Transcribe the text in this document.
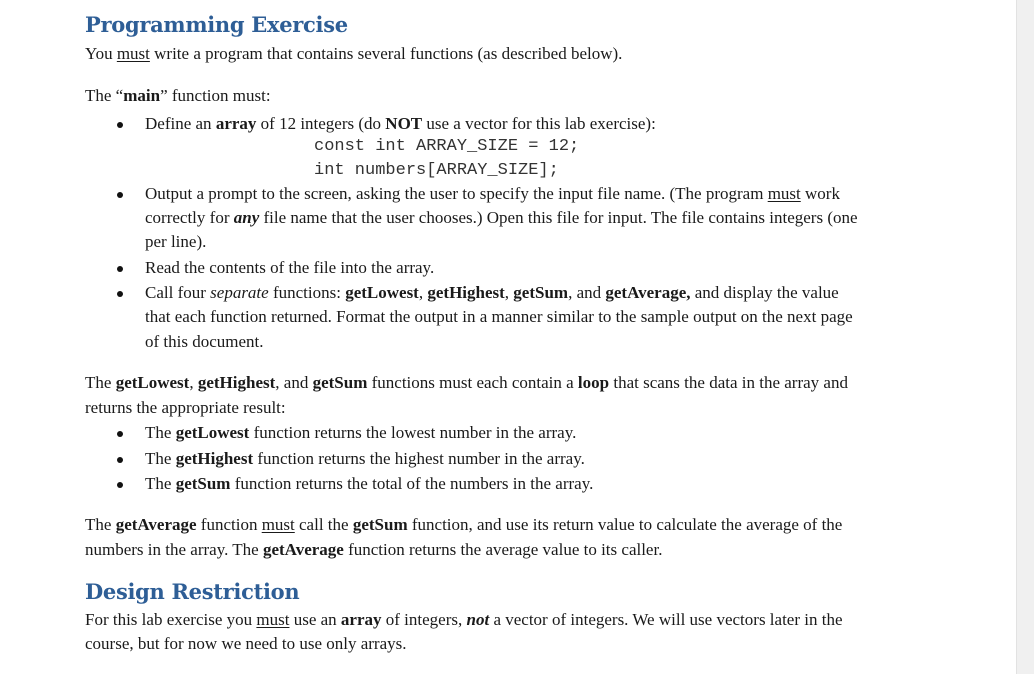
Programming Exercise
You must write a program that contains several functions (as described below).
The “main” function must:
Define an array of 12 integers (do NOT use a vector for this lab exercise):
const int ARRAY_SIZE = 12;
int numbers[ARRAY_SIZE];
Output a prompt to the screen, asking the user to specify the input file name. (The program must work
correctly for any file name that the user chooses.) Open this file for input. The file contains integers (one
per line).
Read the contents of the file into the array.
Call four separate functions: getLowest, getHighest, getSum, and getAverage, and display the value
that each function returned. Format the output in a manner similar to the sample output on the next page
of this document.
The getLowest, getHighest, and getSum functions must each contain a loop that scans the data in the array and
returns the appropriate result:
The getLowest function returns the lowest number in the array.
The getHighest function returns the highest number in the array.
The getSum function returns the total of the numbers in the array.
The getAverage function must call the getSum function, and use its return value to calculate the average of the
numbers in the array. The getAverage function returns the average value to its caller.
Design Restriction
For this lab exercise you must use an array of integers, not a vector of integers. We will use vectors later in the
course, but for now we need to use only arrays.
